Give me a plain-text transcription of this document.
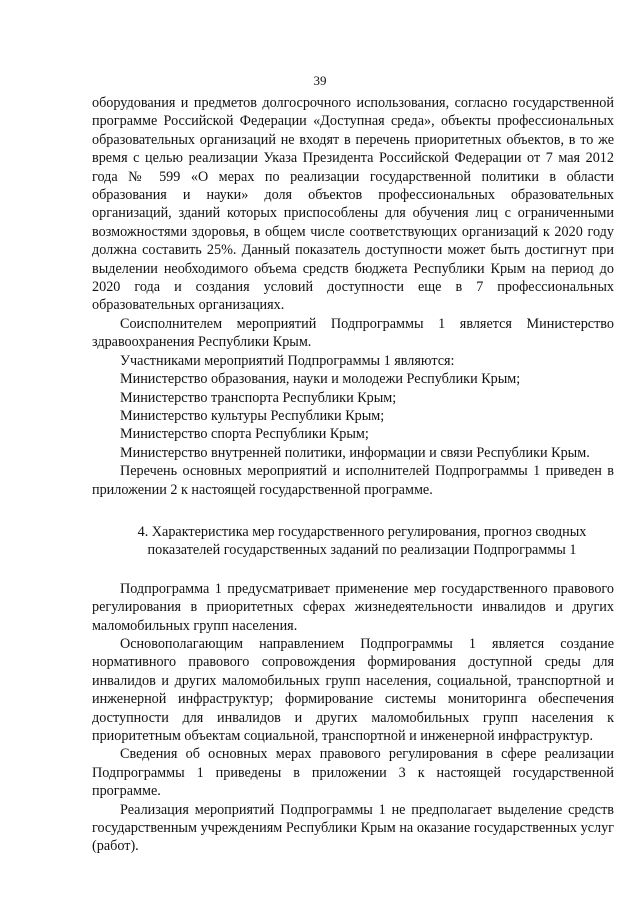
39

оборудования и предметов долгосрочного использования, согласно государственной программе Российской Федерации «Доступная среда», объекты профессиональных образовательных организаций не входят в перечень приоритетных объектов, в то же время с целью реализации Указа Президента Российской Федерации от 7 мая 2012 года № 599 «О мерах по реализации государственной политики в области образования и науки» доля объектов профессиональных образовательных организаций, зданий которых приспособлены для обучения лиц с ограниченными возможностями здоровья, в общем числе соответствующих организаций к 2020 году должна составить 25%. Данный показатель доступности может быть достигнут при выделении необходимого объема средств бюджета Республики Крым на период до 2020 года и создания условий доступности еще в 7 профессиональных образовательных организациях.

Соисполнителем мероприятий Подпрограммы 1 является Министерство здравоохранения Республики Крым.

Участниками мероприятий Подпрограммы 1 являются:

Министерство образования, науки и молодежи Республики Крым;

Министерство транспорта Республики Крым;

Министерство культуры Республики Крым;

Министерство спорта Республики Крым;

Министерство внутренней политики, информации и связи Республики Крым.

Перечень основных мероприятий и исполнителей Подпрограммы 1 приведен в приложении 2 к настоящей государственной программе.

4. Характеристика мер государственного регулирования, прогноз сводных
показателей государственных заданий по реализации Подпрограммы 1

Подпрограмма 1 предусматривает применение мер государственного правового регулирования в приоритетных сферах жизнедеятельности инвалидов и других маломобильных групп населения.

Основополагающим направлением Подпрограммы 1 является создание нормативного правового сопровождения формирования доступной среды для инвалидов и других маломобильных групп населения, социальной, транспортной и инженерной инфраструктур; формирование системы мониторинга обеспечения доступности для инвалидов и других маломобильных групп населения к приоритетным объектам социальной, транспортной и инженерной инфраструктур.

Сведения об основных мерах правового регулирования в сфере реализации Подпрограммы 1 приведены в приложении 3 к настоящей государственной программе.

Реализация мероприятий Подпрограммы 1 не предполагает выделение средств государственным учреждениям Республики Крым на оказание государственных услуг (работ).
